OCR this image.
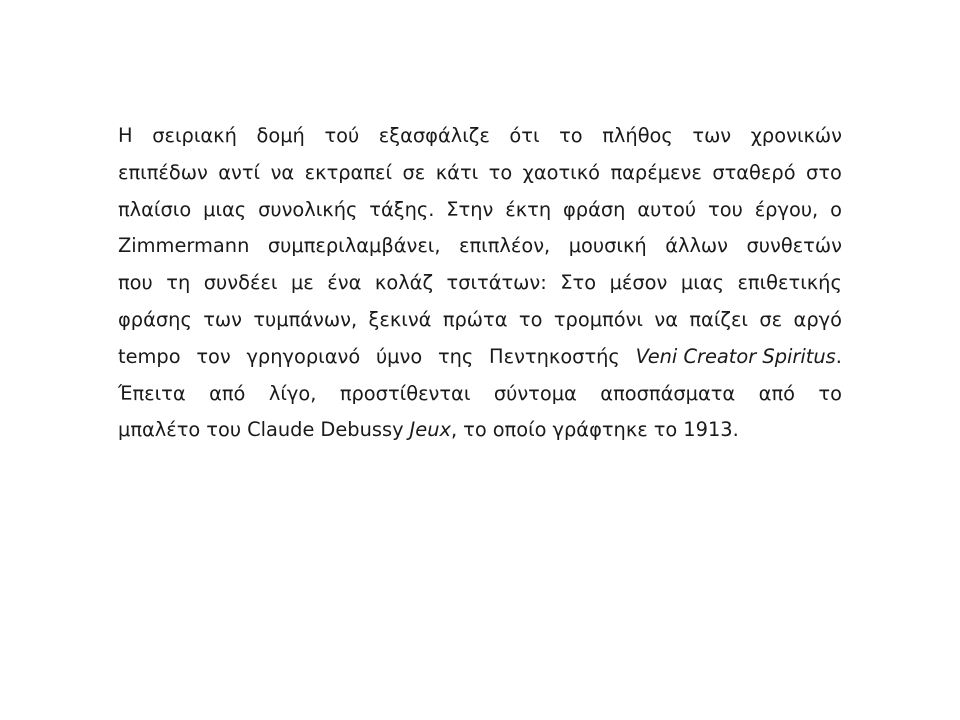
Η σειριακή δομή τού εξασφάλιζε ότι το πλήθος των χρονικών
επιπέδων αντί να εκτραπεί σε κάτι το χαοτικό παρέμενε σταθερό στο
πλαίσιο μιας συνολικής τάξης. Στην έκτη φράση αυτού του έργου, ο
Zimmermann συμπεριλαμβάνει, επιπλέον, μουσική άλλων συνθετών
που τη συνδέει με ένα κολάζ τσιτάτων: Στο μέσον μιας επιθετικής
φράσης των τυμπάνων, ξεκινά πρώτα το τρομπόνι να παίζει σε αργό
tempo τον γρηγοριανό ύμνο της Πεντηκοστής Veni Creator Spiritus.
Έπειτα από λίγο, προστίθενται σύντομα αποσπάσματα από το
μπαλέτο του Claude Debussy Jeux, το οποίο γράφτηκε το 1913.
